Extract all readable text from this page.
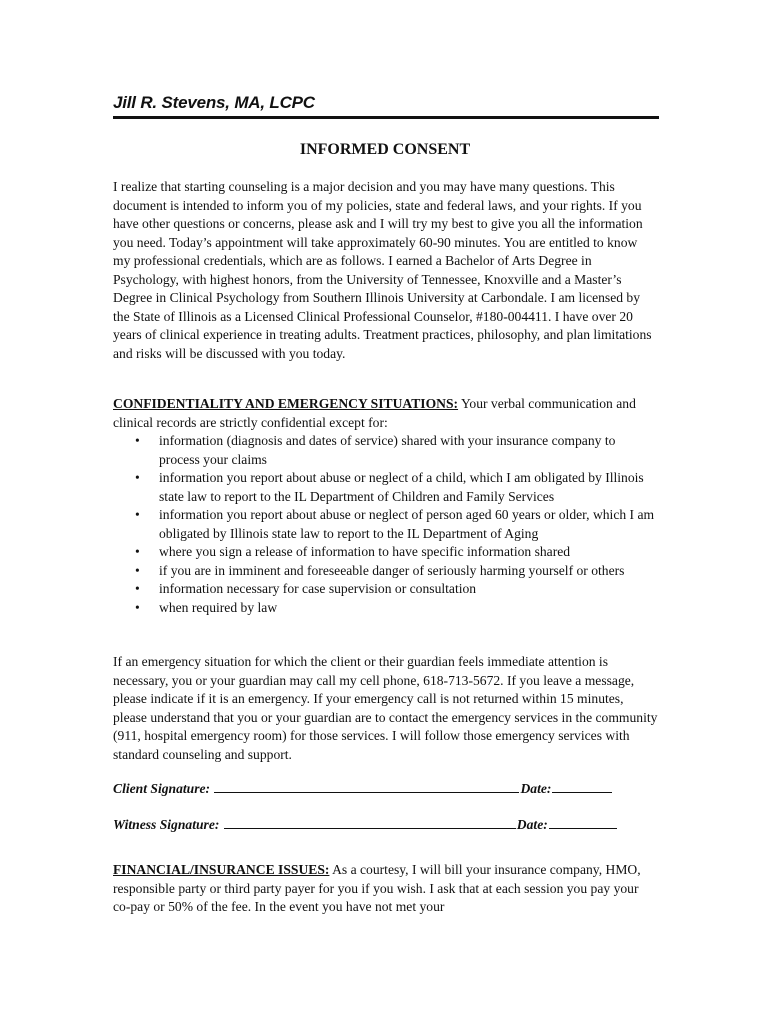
Jill R. Stevens, MA, LCPC
INFORMED CONSENT
I realize that starting counseling is a major decision and you may have many questions. This document is intended to inform you of my policies, state and federal laws, and your rights. If you have other questions or concerns, please ask and I will try my best to give you all the information you need. Today’s appointment will take approximately 60-90 minutes. You are entitled to know my professional credentials, which are as follows. I earned a Bachelor of Arts Degree in Psychology, with highest honors, from the University of Tennessee, Knoxville and a Master’s Degree in Clinical Psychology from Southern Illinois University at Carbondale. I am licensed by the State of Illinois as a Licensed Clinical Professional Counselor, #180-004411. I have over 20 years of clinical experience in treating adults. Treatment practices, philosophy, and plan limitations and risks will be discussed with you today.
CONFIDENTIALITY AND EMERGENCY SITUATIONS: Your verbal communication and clinical records are strictly confidential except for:
• information (diagnosis and dates of service) shared with your insurance company to process your claims
• information you report about abuse or neglect of a child, which I am obligated by Illinois state law to report to the IL Department of Children and Family Services
• information you report about abuse or neglect of person aged 60 years or older, which I am obligated by Illinois state law to report to the IL Department of Aging
• where you sign a release of information to have specific information shared
• if you are in imminent and foreseeable danger of seriously harming yourself or others
• information necessary for case supervision or consultation
• when required by law
If an emergency situation for which the client or their guardian feels immediate attention is necessary, you or your guardian may call my cell phone, 618-713-5672. If you leave a message, please indicate if it is an emergency. If your emergency call is not returned within 15 minutes, please understand that you or your guardian are to contact the emergency services in the community (911, hospital emergency room) for those services. I will follow those emergency services with standard counseling and support.
Client Signature:	Date:
Witness Signature:	Date:
FINANCIAL/INSURANCE ISSUES: As a courtesy, I will bill your insurance company, HMO, responsible party or third party payer for you if you wish. I ask that at each session you pay your co-pay or 50% of the fee. In the event you have not met your
